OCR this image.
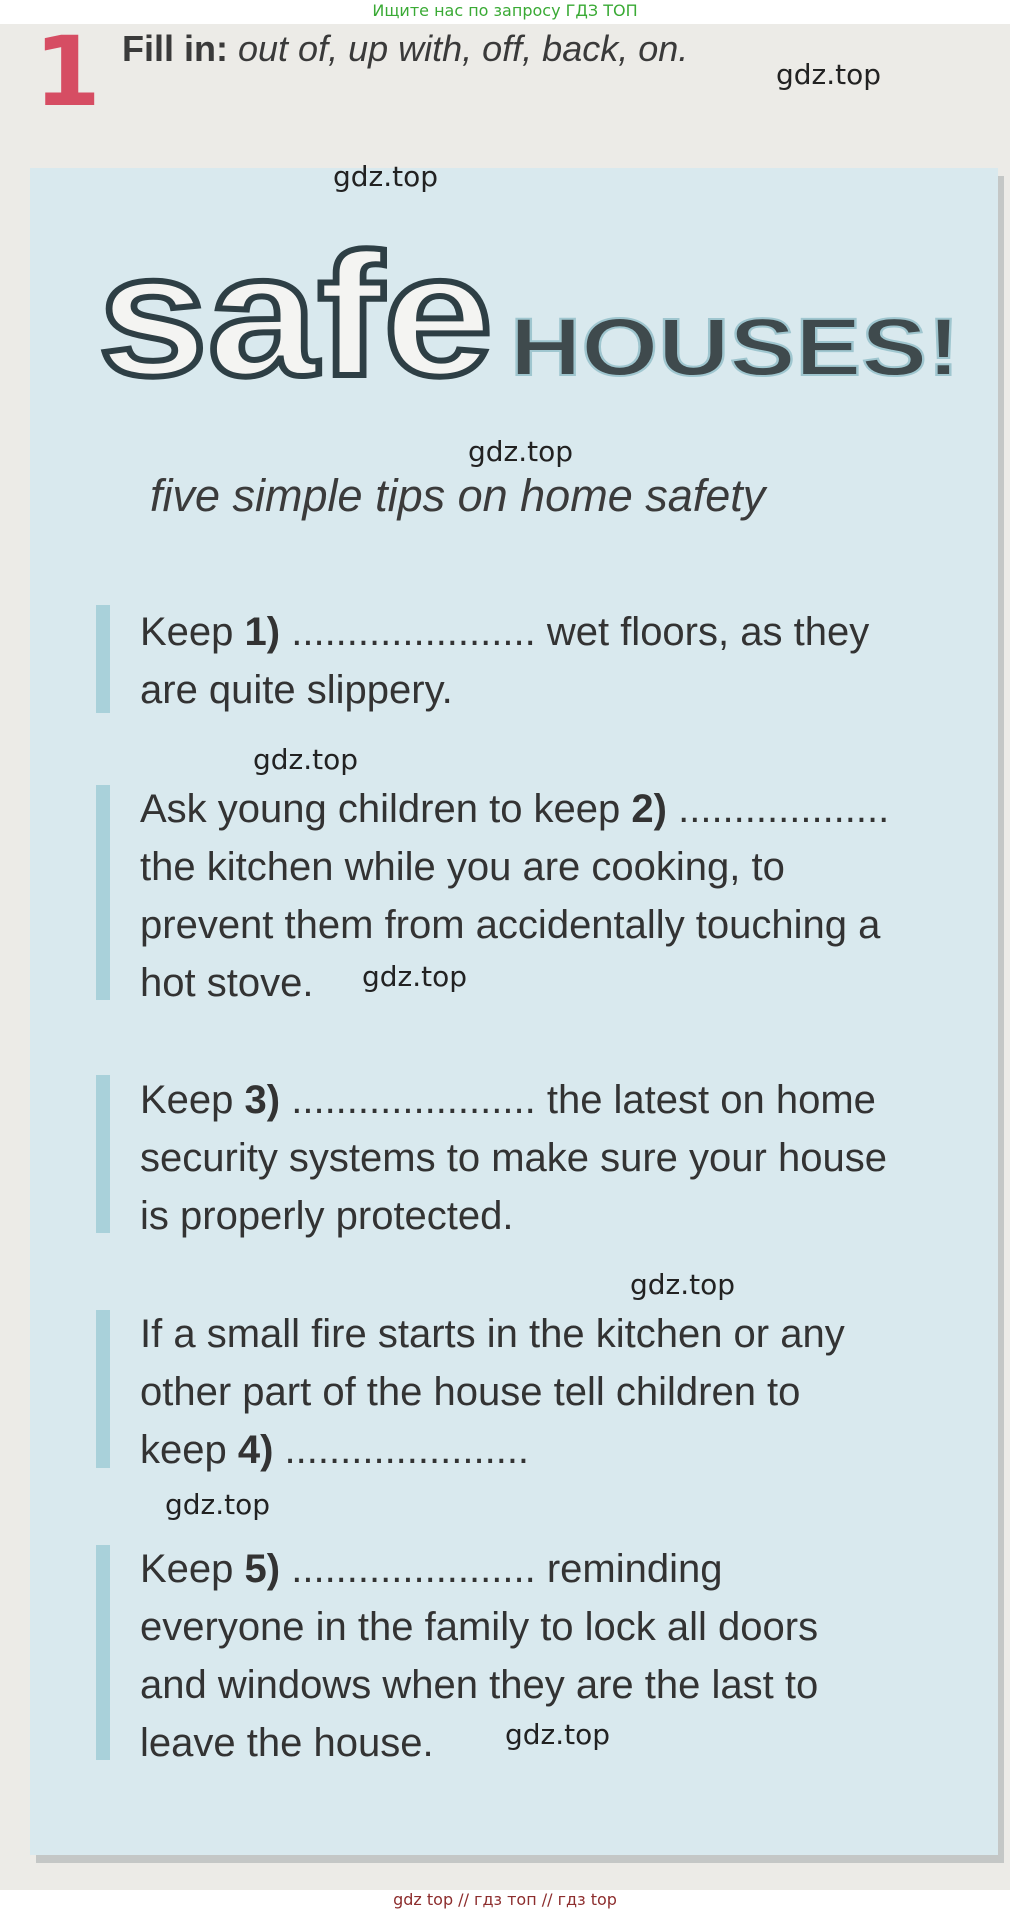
Ищите нас по запросу ГДЗ ТОП
1 Fill in: out of, up with, off, back, on.
safe HOUSES!
five simple tips on home safety
Keep 1) ...................... wet floors, as they
are quite slippery.
Ask young children to keep 2) ...................
the kitchen while you are cooking, to
prevent them from accidentally touching a
hot stove.
Keep 3) ...................... the latest on home
security systems to make sure your house
is properly protected.
If a small fire starts in the kitchen or any
other part of the house tell children to
keep 4) ......................
Keep 5) ...................... reminding
everyone in the family to lock all doors
and windows when they are the last to
leave the house.
gdz.top
gdz.top
gdz.top
gdz.top
gdz.top
gdz.top
gdz.top
gdz.top
gdz top // гдз топ // гдз top
